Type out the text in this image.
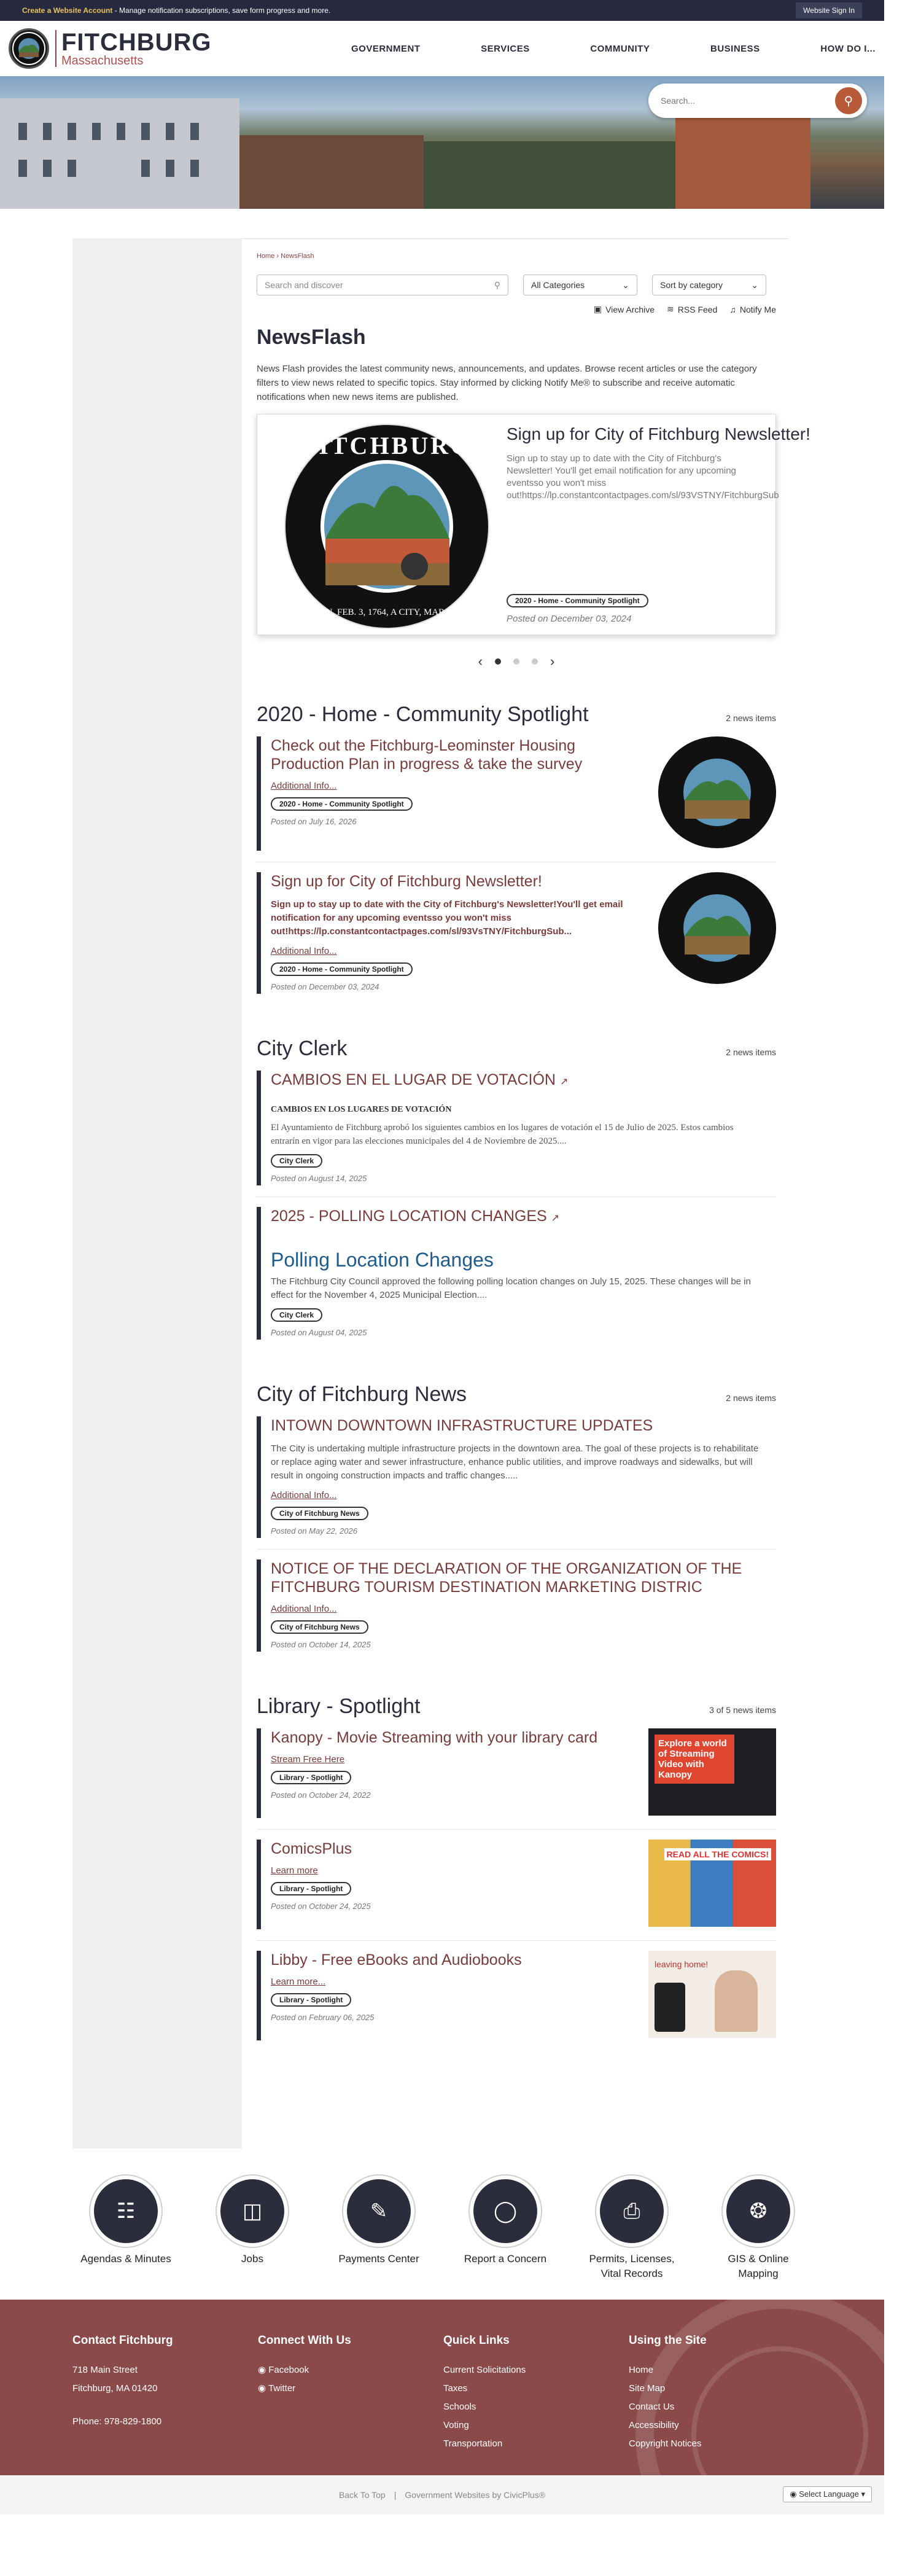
Create a Website Account - Manage notification subscriptions, save form progress and more.	Website Sign In
FITCHBURG
Massachusetts
GOVERNMENT	SERVICES	COMMUNITY	BUSINESS	HOW DO I...
Search...
⚲
Home › NewsFlash
Search and discover	⚲	All Categories	⌄	Sort by category	⌄
▣ View Archive ≋ RSS Feed ♫ Notify Me
NewsFlash

News Flash provides the latest community news, announcements, and updates. Browse recent articles or use the category filters to view news related to specific topics. Stay informed by clicking Notify Me® to subscribe and receive automatic notifications when new news items are published.

FITCHBURG
A TOWN, FEB. 3, 1764, A CITY, MAR. 8, 1872
Sign up for City of Fitchburg Newsletter!
Sign up to stay up to date with the City of Fitchburg's Newsletter! You'll get email notification for any upcoming eventsso you won't miss out!https://lp.constantcontactpages.com/sl/93VSTNY/FitchburgSub
2020 - Home - Community Spotlight
Posted on December 03, 2024
‹	›
2020 - Home - Community Spotlight	2 news items
Check out the Fitchburg-Leominster Housing Production Plan in progress & take the survey
Additional Info...
2020 - Home - Community Spotlight
Posted on July 16, 2026
Sign up for City of Fitchburg Newsletter!
Sign up to stay up to date with the City of Fitchburg's Newsletter!You'll get email notification for any upcoming eventsso you won't miss out!https://lp.constantcontactpages.com/sl/93VsTNY/FitchburgSub...
Additional Info...
2020 - Home - Community Spotlight
Posted on December 03, 2024
City Clerk	2 news items
CAMBIOS EN EL LUGAR DE VOTACIÓN ↗
CAMBIOS EN LOS LUGARES DE VOTACIÓN
El Ayuntamiento de Fitchburg aprobó los siguientes cambios en los lugares de votación el 15 de Julio de 2025. Estos cambios entrarín en vigor para las elecciones municipales del 4 de Noviembre de 2025....
City Clerk
Posted on August 14, 2025
2025 - POLLING LOCATION CHANGES ↗
Polling Location Changes
The Fitchburg City Council approved the following polling location changes on July 15, 2025. These changes will be in effect for the November 4, 2025 Municipal Election....
City Clerk
Posted on August 04, 2025
City of Fitchburg News	2 news items
INTOWN DOWNTOWN INFRASTRUCTURE UPDATES
The City is undertaking multiple infrastructure projects in the downtown area. The goal of these projects is to rehabilitate or replace aging water and sewer infrastructure, enhance public utilities, and improve roadways and sidewalks, but will result in ongoing construction impacts and traffic changes.....
Additional Info...
City of Fitchburg News
Posted on May 22, 2026
NOTICE OF THE DECLARATION OF THE ORGANIZATION OF THE FITCHBURG TOURISM DESTINATION MARKETING DISTRIC
Additional Info...
City of Fitchburg News
Posted on October 14, 2025
Library - Spotlight	3 of 5 news items
Kanopy - Movie Streaming with your library card
Stream Free Here
Library - Spotlight
Posted on October 24, 2022
Explore a world of Streaming Video with Kanopy
ComicsPlus
Learn more
Library - Spotlight
Posted on October 24, 2025
READ ALL THE COMICS!
Libby - Free eBooks and Audiobooks
Learn more...
Library - Spotlight
Posted on February 06, 2025
leaving home!
☷
Agendas & Minutes
◫
Jobs
✎
Payments Center
◯
Report a Concern
⎙
Permits, Licenses, Vital Records
❂
GIS & Online Mapping
Contact Fitchburg

718 Main Street

Fitchburg, MA 01420

Phone: 978-829-1800

Connect With Us

◉ Facebook

◉ Twitter

Quick Links

Current Solicitations

Taxes

Schools

Voting

Transportation

Using the Site

Home

Site Map

Contact Us

Accessibility

Copyright Notices

Back To Top | Government Websites by CivicPlus®	◉ Select Language ▾
